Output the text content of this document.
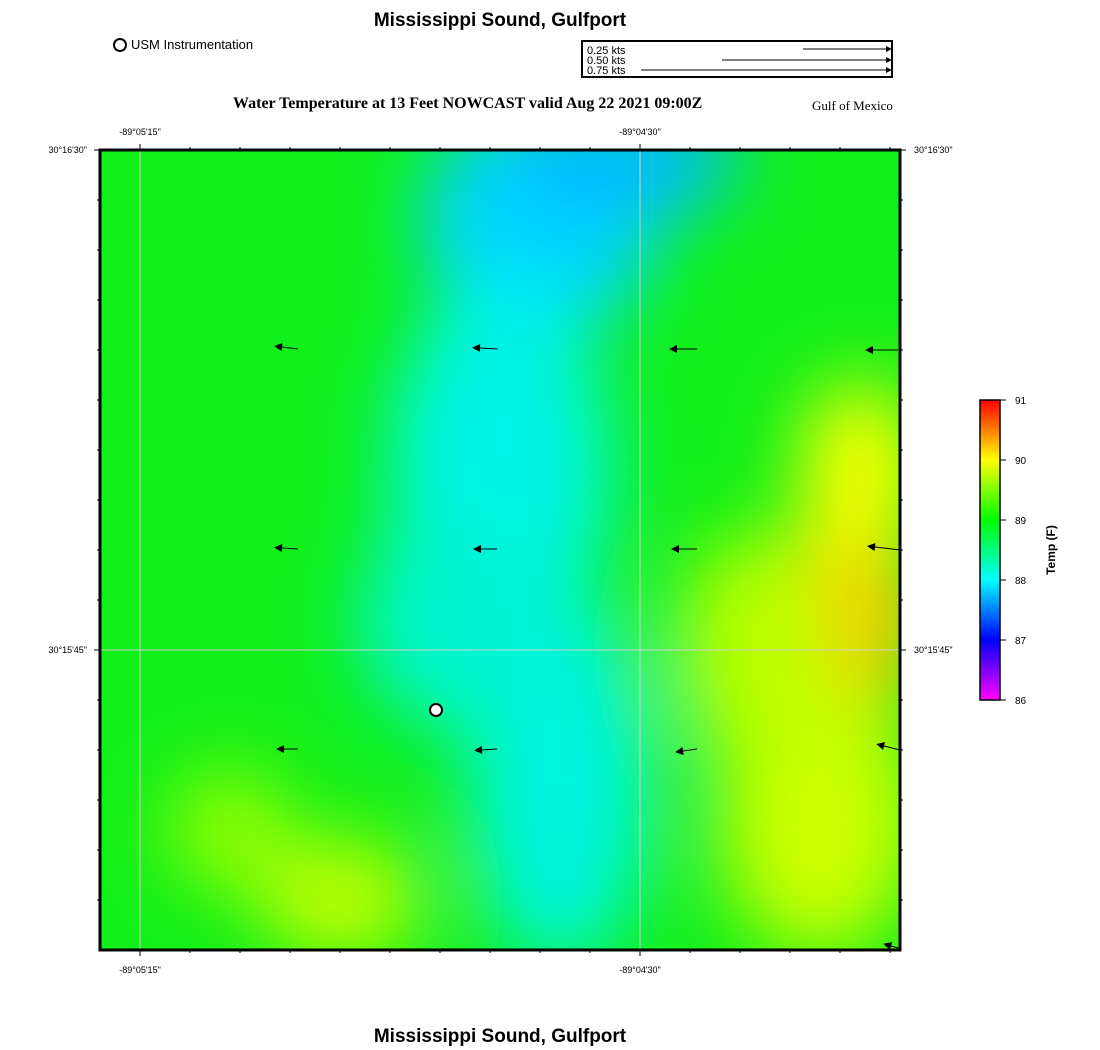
Mississippi Sound, Gulfport
USM Instrumentation	0.25 kts
0.50 kts
0.75 kts
Water Temperature at 13 Feet NOWCAST valid Aug 22 2021 09:00Z	Gulf of Mexico
-89°05'15"	-89°04'30"
-89°05'15"	-89°04'30"
30°16'30"
30°15'45"
30°16'30"
30°15'45"
91
90
89
88
87
86
Temp (F)
Mississippi Sound, Gulfport
